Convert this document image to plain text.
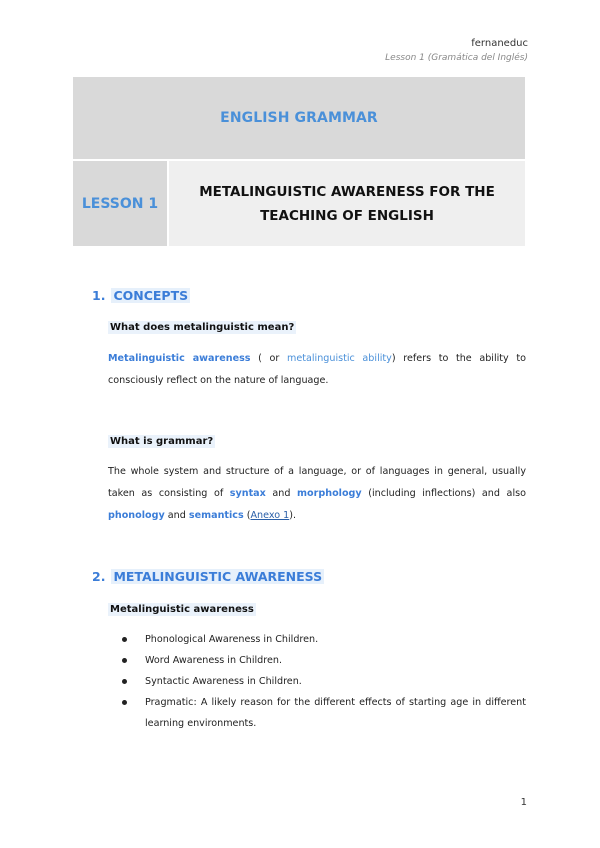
fernaneduc
Lesson 1 (Gramática del Inglés)
ENGLISH GRAMMAR
LESSON 1
METALINGUISTIC AWARENESS FOR THE TEACHING OF ENGLISH
1. CONCEPTS
What does metalinguistic mean?
Metalinguistic awareness ( or metalinguistic ability) refers to the ability to consciously reflect on the nature of language.
What is grammar?
The whole system and structure of a language, or of languages in general, usually taken as consisting of syntax and morphology (including inflections) and also phonology and semantics (Anexo 1).
2. METALINGUISTIC AWARENESS
Metalinguistic awareness
Phonological Awareness in Children.
Word Awareness in Children.
Syntactic Awareness in Children.
Pragmatic: A likely reason for the different effects of starting age in different learning environments.
1
